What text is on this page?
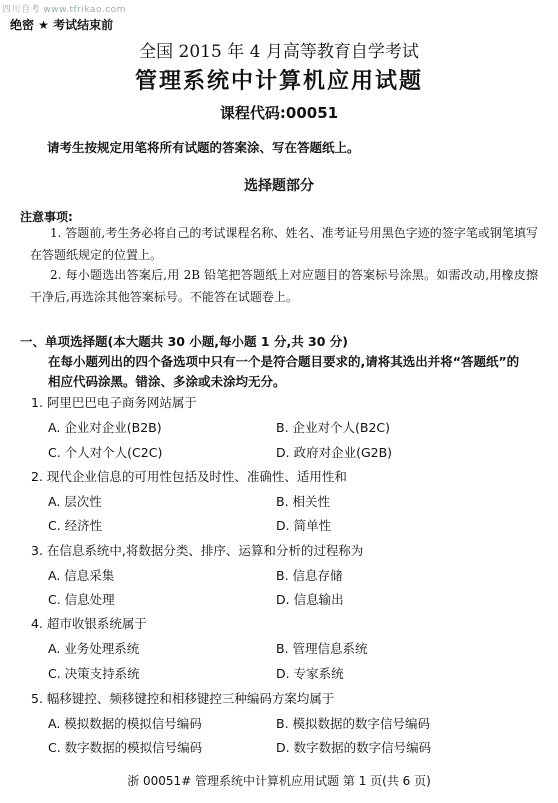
四川自考 www.tfrikao.com
绝密 ★ 考试结束前
全国 2015 年 4 月高等教育自学考试
管理系统中计算机应用试题
课程代码:00051
请考生按规定用笔将所有试题的答案涂、写在答题纸上。
选择题部分
注意事项:
1. 答题前,考生务必将自己的考试课程名称、姓名、准考证号用黑色字迹的签字笔或钢笔填写在答题纸规定的位置上。
2. 每小题选出答案后,用 2B 铅笔把答题纸上对应题目的答案标号涂黑。如需改动,用橡皮擦干净后,再选涂其他答案标号。不能答在试题卷上。
一、单项选择题(本大题共 30 小题,每小题 1 分,共 30 分)
在每小题列出的四个备选项中只有一个是符合题目要求的,请将其选出并将“答题纸”的相应代码涂黑。错涂、多涂或未涂均无分。
1. 阿里巴巴电子商务网站属于
A. 企业对企业(B2B)	B. 企业对个人(B2C)
C. 个人对个人(C2C)	D. 政府对企业(G2B)
2. 现代企业信息的可用性包括及时性、准确性、适用性和
A. 层次性	B. 相关性
C. 经济性	D. 简单性
3. 在信息系统中,将数据分类、排序、运算和分析的过程称为
A. 信息采集	B. 信息存储
C. 信息处理	D. 信息输出
4. 超市收银系统属于
A. 业务处理系统	B. 管理信息系统
C. 决策支持系统	D. 专家系统
5. 幅移键控、频移键控和相移键控三种编码方案均属于
A. 模拟数据的模拟信号编码	B. 模拟数据的数字信号编码
C. 数字数据的模拟信号编码	D. 数字数据的数字信号编码
浙 00051# 管理系统中计算机应用试题 第 1 页(共 6 页)
